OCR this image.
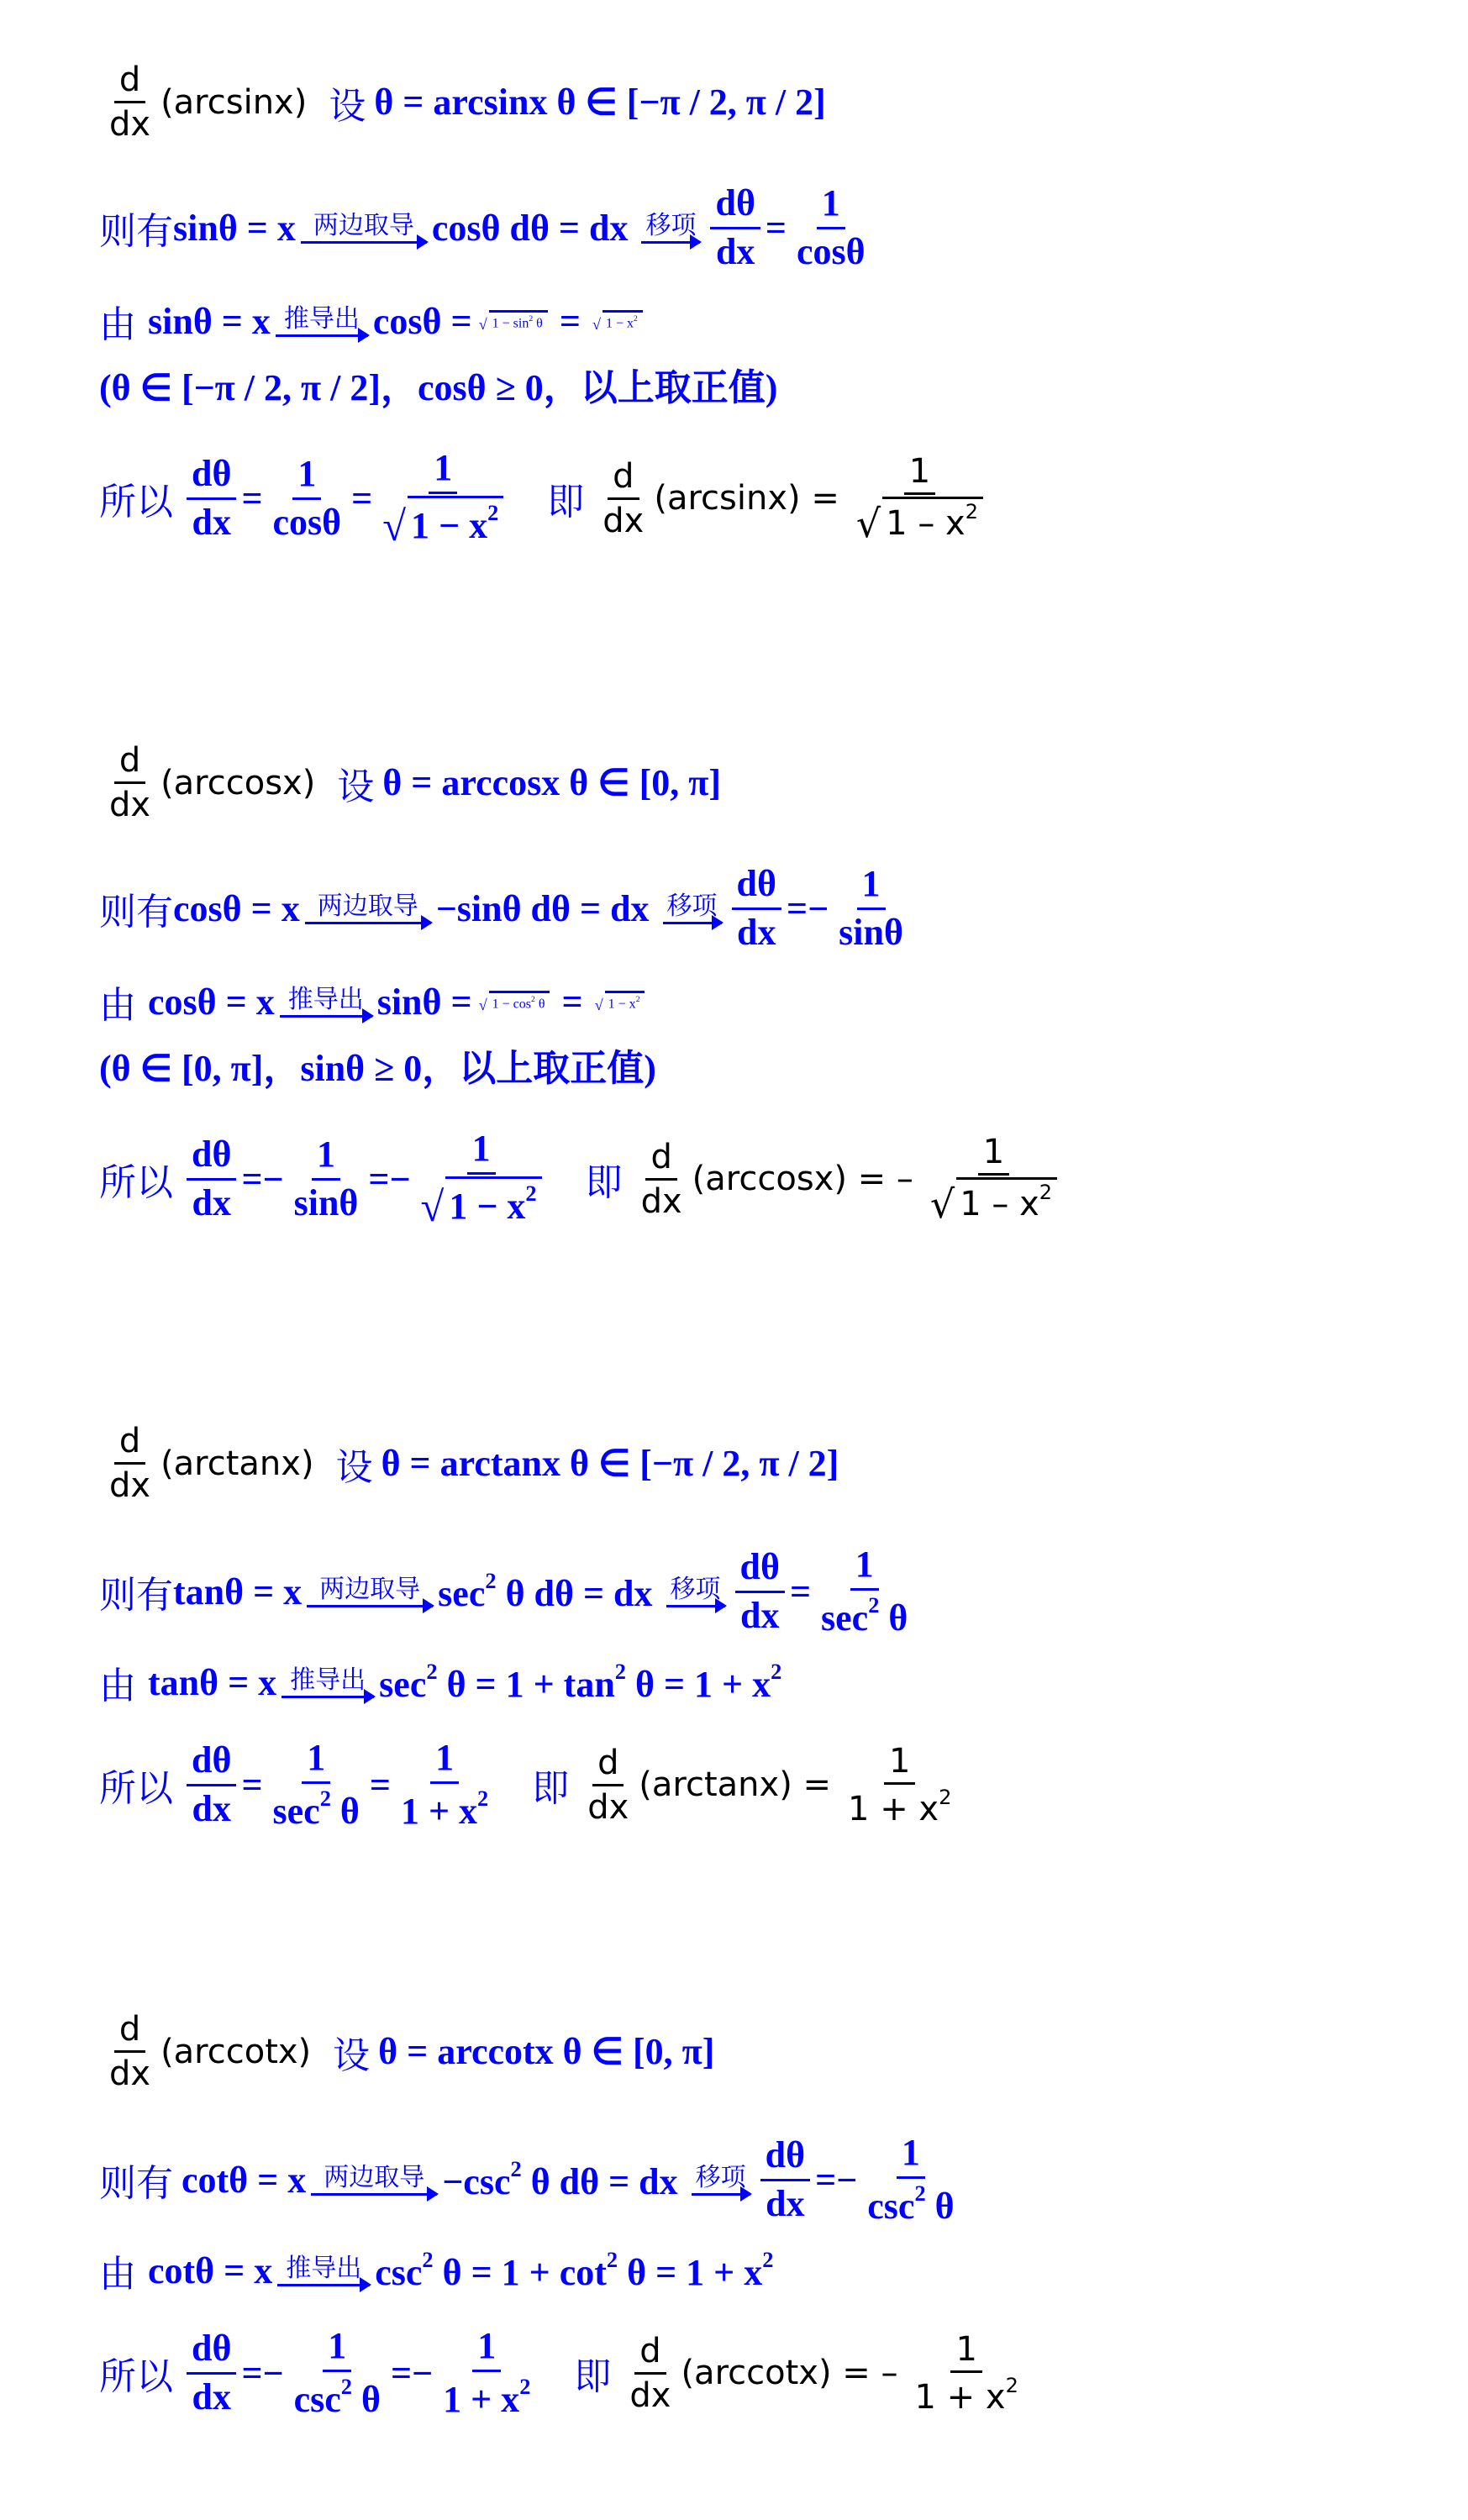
$\frac{d}{dx} (\arcsin x)$ 设 θ = arcsinx θ ∈ [−π / 2, π / 2]
则有 sinθ = x 两边取导 cosθ dθ = dx 移项 $\frac{d\theta}{dx} = \frac{1}{\cos\theta}$
由 sinθ = x 推导出 cosθ = √ $1 - \sin^2 \theta$ = √ $1 - x^2$
(θ ∈ [−π / 2, π / 2]，cosθ ≥ 0，以上取正值)
所以 $\frac{d\theta}{dx} = \frac{1}{\cos\theta} = \frac{1}{√ 1 - x^2}$ 即 $\frac{d}{dx} (\arcsin x) = \frac{1}{√ 1 - x^2}$
$\frac{d}{dx} (\arccos x)$ 设 θ = arccosx θ ∈ [0, π]
则有 cosθ = x 两边取导 −sinθ dθ = dx 移项 $\frac{d\theta}{dx}$ = − $\frac{1}{\sin\theta}$
由 cosθ = x 推导出 sinθ = √ $1 - \cos^2 \theta$ = √ $1 - x^2$
(θ ∈ [0, π]，sinθ ≥ 0，以上取正值)
所以 $\frac{d\theta}{dx}$ = − $\frac{1}{\sin\theta}$ = − $\frac{1}{√ 1 - x^2}$ 即 $\frac{d}{dx} (\arccos x)$ = – $\frac{1}{√ 1 - x^2}$
$\frac{d}{dx} (\arctan x)$ 设 θ = arctanx θ ∈ [−π / 2, π / 2]
则有 tanθ = x 两边取导 $\sec^2 \theta$ dθ = dx 移项 $\frac{d\theta}{dx} = \frac{1}{\sec^2 \theta}$
由 tanθ = x 推导出 $\sec^2 \theta = 1 + \tan^2 \theta = 1 + x^2$
所以 $\frac{d\theta}{dx} = \frac{1}{\sec^2 \theta} = \frac{1}{1 + x^2}$ 即 $\frac{d}{dx} (\arctan x) = \frac{1}{1 + x^2}$
$\frac{d}{dx} (arccotx)$ 设 θ = arccotx θ ∈ [0, π]
则有 cotθ = x 两边取导 $-\csc^2$ θ dθ = dx 移项 $\frac{d\theta}{dx}$ = − $\frac{1}{\csc^2 \theta}$
由 cotθ = x 推导出 $\csc^2 \theta = 1 + \cot^2 \theta = 1 + x^2$
所以 $\frac{d\theta}{dx}$ = − $\frac{1}{\csc^2 \theta}$ = − $\frac{1}{1 + x^2}$ 即 $\frac{d}{dx} (arccotx)$ = – $\frac{1}{1 + x^2}$
